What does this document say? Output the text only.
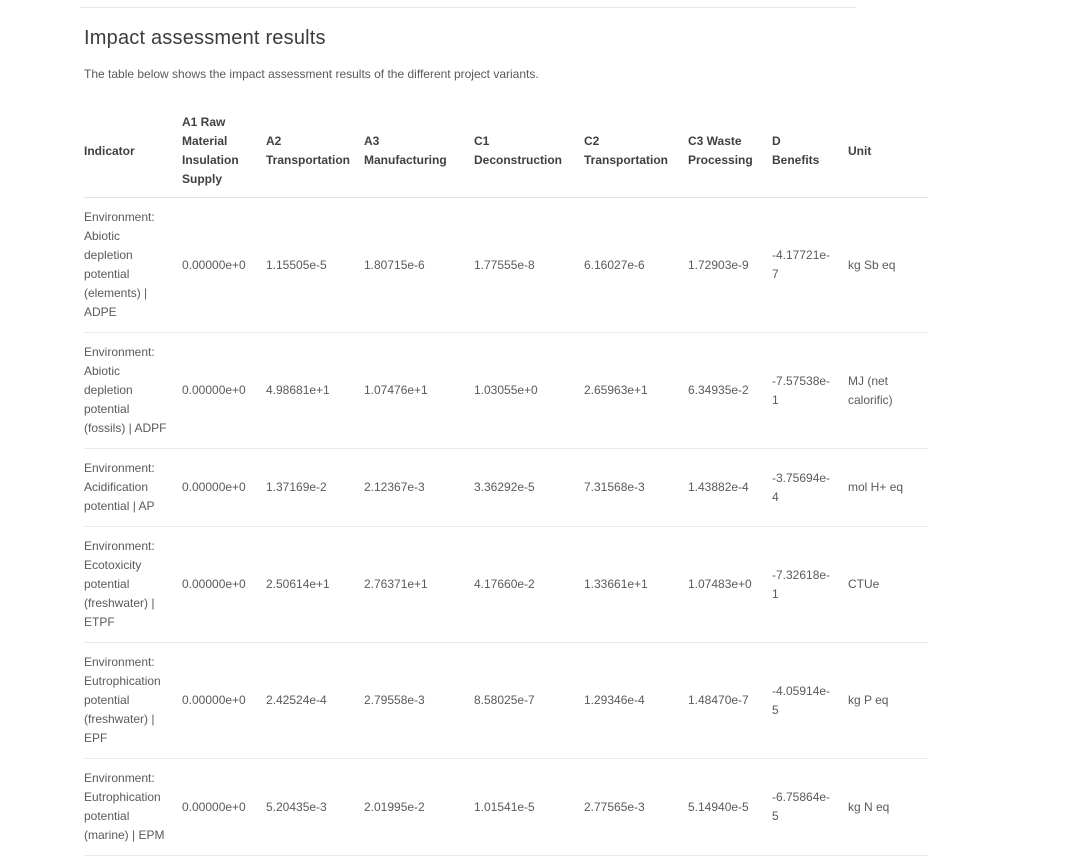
Impact assessment results

The table below shows the impact assessment results of the different project variants.

Indicator	A1 Raw Material Insulation Supply	A2 Transportation	A3 Manufacturing	C1 Deconstruction	C2 Transportation	C3 Waste Processing	D Benefits	Unit
Environment: Abiotic depletion potential (elements) | ADPE	0.00000e+0	1.15505e-5	1.80715e-6	1.77555e-8	6.16027e-6	1.72903e-9	-4.17721e-7	kg Sb eq
Environment: Abiotic depletion potential (fossils) | ADPF	0.00000e+0	4.98681e+1	1.07476e+1	1.03055e+0	2.65963e+1	6.34935e-2	-7.57538e-1	MJ (net calorific)
Environment: Acidification potential | AP	0.00000e+0	1.37169e-2	2.12367e-3	3.36292e-5	7.31568e-3	1.43882e-4	-3.75694e-4	mol H+ eq
Environment: Ecotoxicity potential (freshwater) | ETPF	0.00000e+0	2.50614e+1	2.76371e+1	4.17660e-2	1.33661e+1	1.07483e+0	-7.32618e-1	CTUe
Environment: Eutrophication potential (freshwater) | EPF	0.00000e+0	2.42524e-4	2.79558e-3	8.58025e-7	1.29346e-4	1.48470e-7	-4.05914e-5	kg P eq
Environment: Eutrophication potential (marine) | EPM	0.00000e+0	5.20435e-3	2.01995e-2	1.01541e-5	2.77565e-3	5.14940e-5	-6.75864e-5	kg N eq
